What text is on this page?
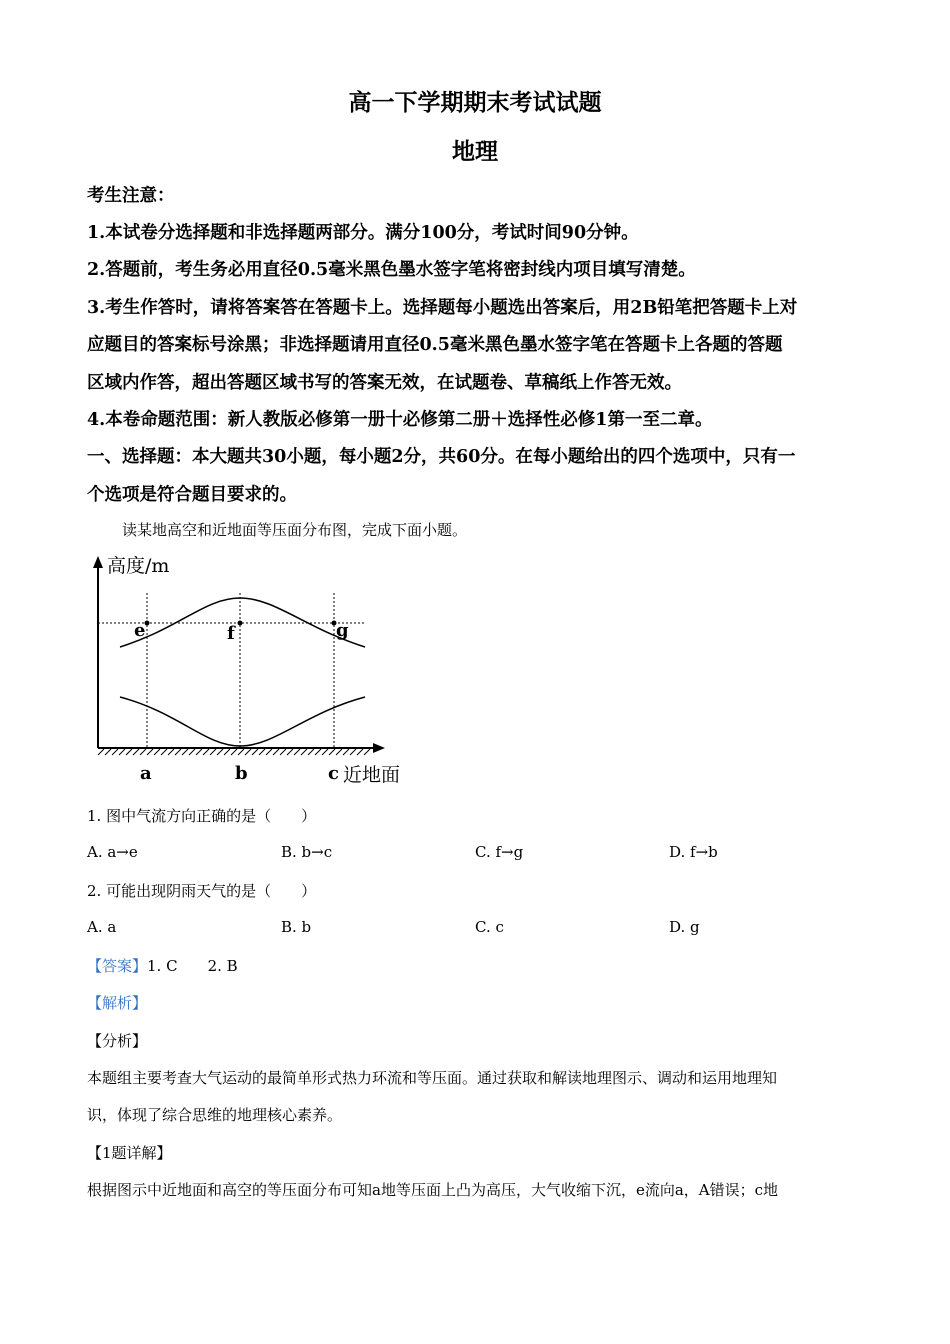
高一下学期期末考试试题
地理
考生注意：
1.本试卷分选择题和非选择题两部分。满分100分，考试时间90分钟。
2.答题前，考生务必用直径0.5毫米黑色墨水签字笔将密封线内项目填写清楚。
3.考生作答时，请将答案答在答题卡上。选择题每小题选出答案后，用2B铅笔把答题卡上对
应题目的答案标号涂黑；非选择题请用直径0.5毫米黑色墨水签字笔在答题卡上各题的答题
区域内作答，超出答题区域书写的答案无效，在试题卷、草稿纸上作答无效。
4.本卷命题范围：新人教版必修第一册十必修第二册＋选择性必修1第一至二章。
一、选择题：本大题共30小题，每小题2分，共60分。在每小题给出的四个选项中，只有一
个选项是符合题目要求的。
读某地高空和近地面等压面分布图，完成下面小题。
高度/m
e	f	g
a	b	c 近地面
1. 图中气流方向正确的是（　　）
A. a→e	B. b→c	C. f→g	D. f→b
2. 可能出现阴雨天气的是（　　）
A. a	B. b	C. c	D. g
【答案】1. C　　2. B
【解析】
【分析】
本题组主要考查大气运动的最简单形式热力环流和等压面。通过获取和解读地理图示、调动和运用地理知
识，体现了综合思维的地理核心素养。
【1题详解】
根据图示中近地面和高空的等压面分布可知a地等压面上凸为高压，大气收缩下沉，e流向a，A错误；c地
